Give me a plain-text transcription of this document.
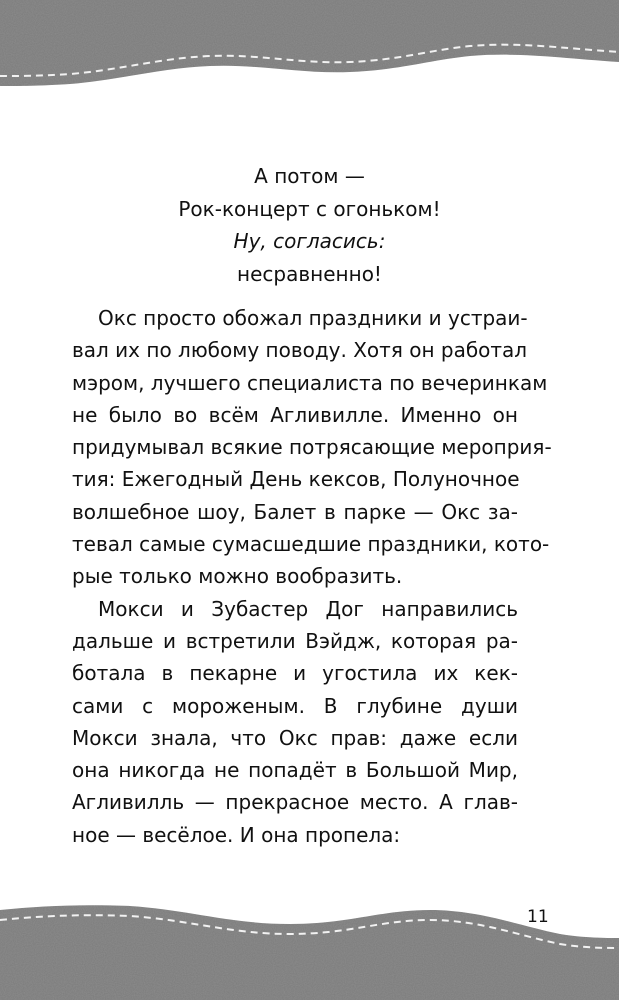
А потом —
Рок-концерт с огоньком!
Ну, согласись:
несравненно!
Окс просто обожал праздники и устраи-
вал их по любому поводу. Хотя он работал
мэром, лучшего специалиста по вечеринкам
не было во всём Агливилле. Именно он
придумывал всякие потрясающие мероприя-
тия: Ежегодный День кексов, Полуночное
волшебное шоу, Балет в парке — Окс за-
тевал самые сумасшедшие праздники, кото-
рые только можно вообразить.
Мокси и Зубастер Дог направились
дальше и встретили Вэйдж, которая ра-
ботала в пекарне и угостила их кек-
сами с мороженым. В глубине души
Мокси знала, что Окс прав: даже если
она никогда не попадёт в Большой Мир,
Агливилль — прекрасное место. А глав-
ное — весёлое. И она пропела:
11
